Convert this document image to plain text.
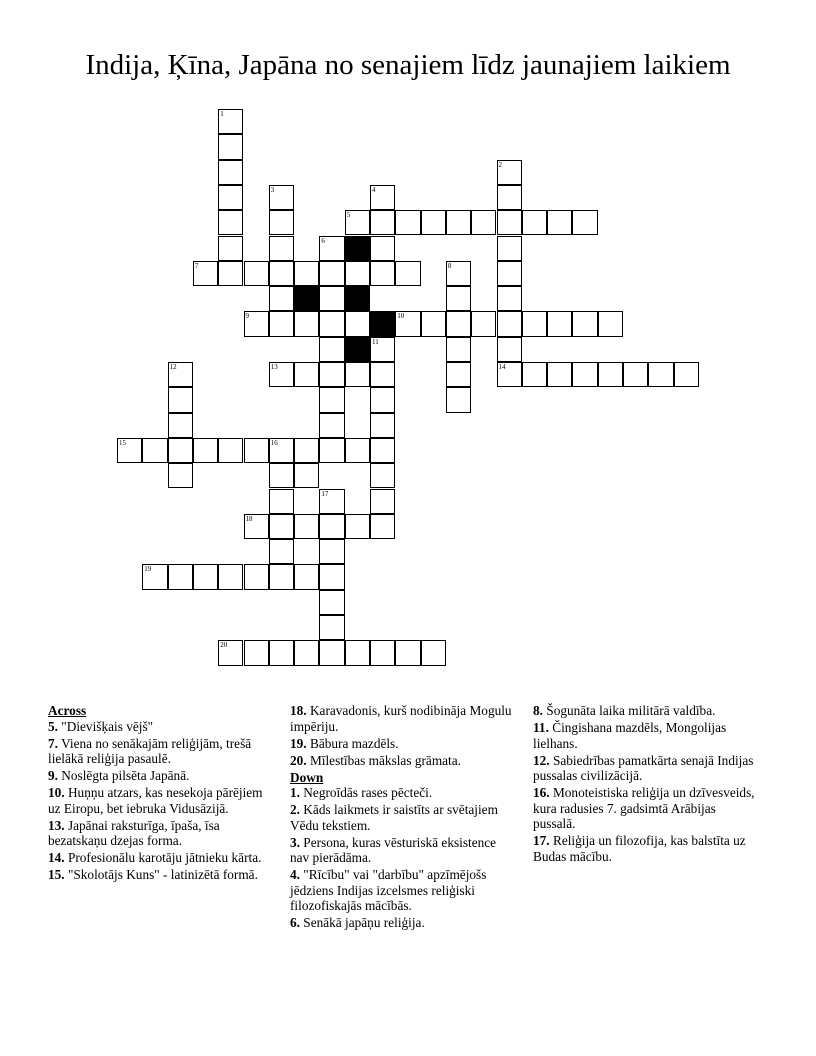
Indija, Ķīna, Japāna no senajiem līdz jaunajiem laikiem
1
2
3	4
5
6
7	8
9	10
11
12	13	14
15	16
17
18
19
20

Across

5. "Dievišķais vējš"

7. Viena no senākajām reliģijām, trešā lielākā reliģija pasaulē.

9. Noslēgta pilsēta Japānā.

10. Huņņu atzars, kas nesekoja pārējiem uz Eiropu, bet iebruka Vidusāzijā.

13. Japānai raksturīga, īpaša, īsa bezatskaņu dzejas forma.

14. Profesionālu karotāju jātnieku kārta.

15. "Skolotājs Kuns" - latinizētā formā.

18. Karavadonis, kurš nodibināja Mogulu impēriju.

19. Bābura mazdēls.

20. Mīlestības mākslas grāmata.

Down

1. Negroīdās rases pēcteči.

2. Kāds laikmets ir saistīts ar svētajiem Vēdu tekstiem.

3. Persona, kuras vēsturiskā eksistence nav pierādāma.

4. "Rīcību" vai "darbību" apzīmējošs jēdziens Indijas izcelsmes reliģiski filozofiskajās mācībās.

6. Senākā japāņu reliģija.

8. Šogunāta laika militārā valdība.

11. Čingishana mazdēls, Mongolijas lielhans.

12. Sabiedrības pamatkārta senajā Indijas pussalas civilizācijā.

16. Monoteistiska reliģija un dzīvesveids, kura radusies 7. gadsimtā Arābijas pussalā.

17. Reliģija un filozofija, kas balstīta uz Budas mācību.
